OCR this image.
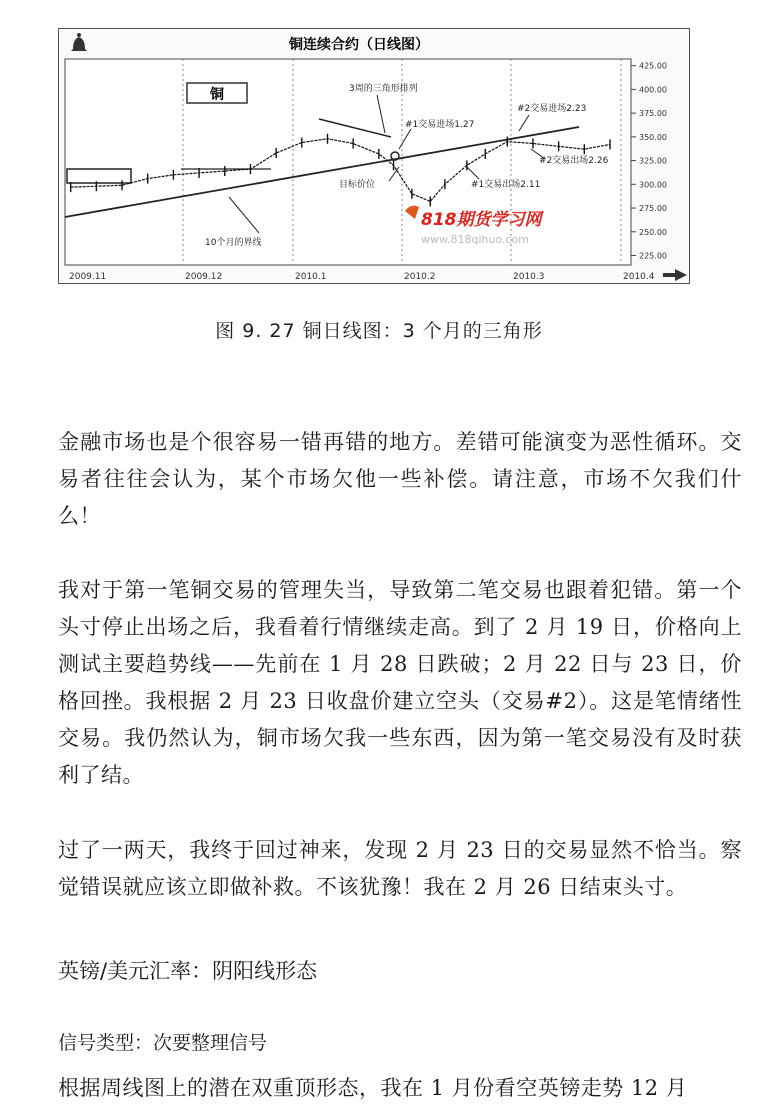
铜连续合约（日线图）
铜
425.00
400.00
375.00
350.00
325.00
300.00
275.00
250.00
225.00
2009.11	2009.12	2010.1	2010.2	2010.3	2010.4
3周的三角形排列
#1交易进场1.27
#2交易进场2.23
#2交易出场2.26
#1交易出场2.11
目标价位
10个月的界线
818期货学习网
www.818qihuo.com
图 9. 27 铜日线图：3 个月的三角形

金融市场也是个很容易一错再错的地方。差错可能演变为恶性循环。交易者往往会认为，某个市场欠他一些补偿。请注意，市场不欠我们什么！

我对于第一笔铜交易的管理失当，导致第二笔交易也跟着犯错。第一个头寸停止出场之后，我看着行情继续走高。到了 2 月 19 日，价格向上测试主要趋势线——先前在 1 月 28 日跌破；2 月 22 日与 23 日，价格回挫。我根据 2 月 23 日收盘价建立空头（交易#2）。这是笔情绪性交易。我仍然认为，铜市场欠我一些东西，因为第一笔交易没有及时获利了结。

过了一两天，我终于回过神来，发现 2 月 23 日的交易显然不恰当。察觉错误就应该立即做补救。不该犹豫！我在 2 月 26 日结束头寸。

英镑/美元汇率：阴阳线形态
信号类型：次要整理信号

根据周线图上的潜在双重顶形态，我在 1 月份看空英镑走势 12 月
